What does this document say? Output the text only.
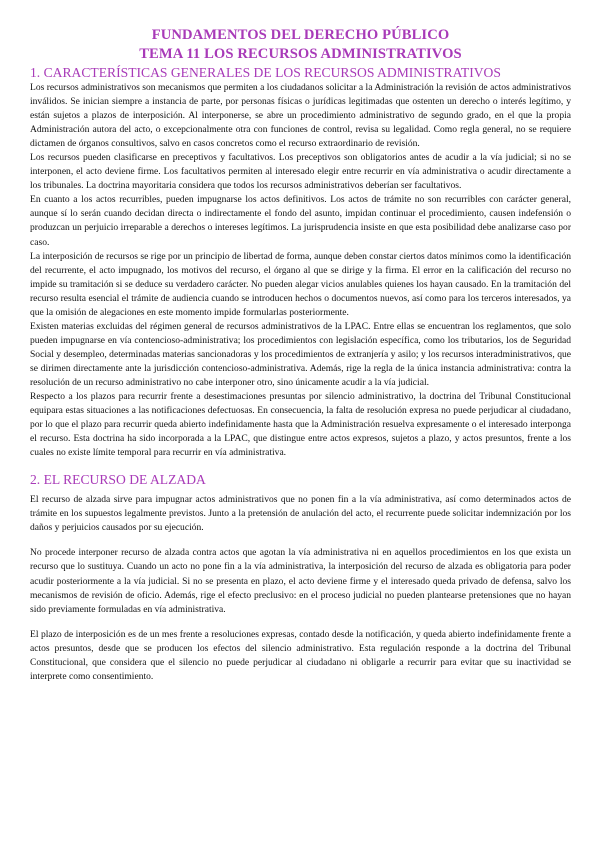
FUNDAMENTOS DEL DERECHO PÚBLICO
TEMA 11 LOS RECURSOS ADMINISTRATIVOS
1. CARACTERÍSTICAS GENERALES DE LOS RECURSOS ADMINISTRATIVOS

Los recursos administrativos son mecanismos que permiten a los ciudadanos solicitar a la Administración la revisión de actos administrativos inválidos. Se inician siempre a instancia de parte, por personas físicas o jurídicas legitimadas que ostenten un derecho o interés legítimo, y están sujetos a plazos de interposición. Al interponerse, se abre un procedimiento administrativo de segundo grado, en el que la propia Administración autora del acto, o excepcionalmente otra con funciones de control, revisa su legalidad. Como regla general, no se requiere dictamen de órganos consultivos, salvo en casos concretos como el recurso extraordinario de revisión.

Los recursos pueden clasificarse en preceptivos y facultativos. Los preceptivos son obligatorios antes de acudir a la vía judicial; si no se interponen, el acto deviene firme. Los facultativos permiten al interesado elegir entre recurrir en vía administrativa o acudir directamente a los tribunales. La doctrina mayoritaria considera que todos los recursos administrativos deberían ser facultativos.

En cuanto a los actos recurribles, pueden impugnarse los actos definitivos. Los actos de trámite no son recurribles con carácter general, aunque sí lo serán cuando decidan directa o indirectamente el fondo del asunto, impidan continuar el procedimiento, causen indefensión o produzcan un perjuicio irreparable a derechos o intereses legítimos. La jurisprudencia insiste en que esta posibilidad debe analizarse caso por caso.

La interposición de recursos se rige por un principio de libertad de forma, aunque deben constar ciertos datos mínimos como la identificación del recurrente, el acto impugnado, los motivos del recurso, el órgano al que se dirige y la firma. El error en la calificación del recurso no impide su tramitación si se deduce su verdadero carácter. No pueden alegar vicios anulables quienes los hayan causado. En la tramitación del recurso resulta esencial el trámite de audiencia cuando se introducen hechos o documentos nuevos, así como para los terceros interesados, ya que la omisión de alegaciones en este momento impide formularlas posteriormente.

Existen materias excluidas del régimen general de recursos administrativos de la LPAC. Entre ellas se encuentran los reglamentos, que solo pueden impugnarse en vía contencioso-administrativa; los procedimientos con legislación específica, como los tributarios, los de Seguridad Social y desempleo, determinadas materias sancionadoras y los procedimientos de extranjería y asilo; y los recursos interadministrativos, que se dirimen directamente ante la jurisdicción contencioso-administrativa. Además, rige la regla de la única instancia administrativa: contra la resolución de un recurso administrativo no cabe interponer otro, sino únicamente acudir a la vía judicial.

Respecto a los plazos para recurrir frente a desestimaciones presuntas por silencio administrativo, la doctrina del Tribunal Constitucional equipara estas situaciones a las notificaciones defectuosas. En consecuencia, la falta de resolución expresa no puede perjudicar al ciudadano, por lo que el plazo para recurrir queda abierto indefinidamente hasta que la Administración resuelva expresamente o el interesado interponga el recurso. Esta doctrina ha sido incorporada a la LPAC, que distingue entre actos expresos, sujetos a plazo, y actos presuntos, frente a los cuales no existe límite temporal para recurrir en vía administrativa.

2. EL RECURSO DE ALZADA

El recurso de alzada sirve para impugnar actos administrativos que no ponen fin a la vía administrativa, así como determinados actos de trámite en los supuestos legalmente previstos. Junto a la pretensión de anulación del acto, el recurrente puede solicitar indemnización por los daños y perjuicios causados por su ejecución.

No procede interponer recurso de alzada contra actos que agotan la vía administrativa ni en aquellos procedimientos en los que exista un recurso que lo sustituya. Cuando un acto no pone fin a la vía administrativa, la interposición del recurso de alzada es obligatoria para poder acudir posteriormente a la vía judicial. Si no se presenta en plazo, el acto deviene firme y el interesado queda privado de defensa, salvo los mecanismos de revisión de oficio. Además, rige el efecto preclusivo: en el proceso judicial no pueden plantearse pretensiones que no hayan sido previamente formuladas en vía administrativa.

El plazo de interposición es de un mes frente a resoluciones expresas, contado desde la notificación, y queda abierto indefinidamente frente a actos presuntos, desde que se producen los efectos del silencio administrativo. Esta regulación responde a la doctrina del Tribunal Constitucional, que considera que el silencio no puede perjudicar al ciudadano ni obligarle a recurrir para evitar que su inactividad se interprete como consentimiento.
